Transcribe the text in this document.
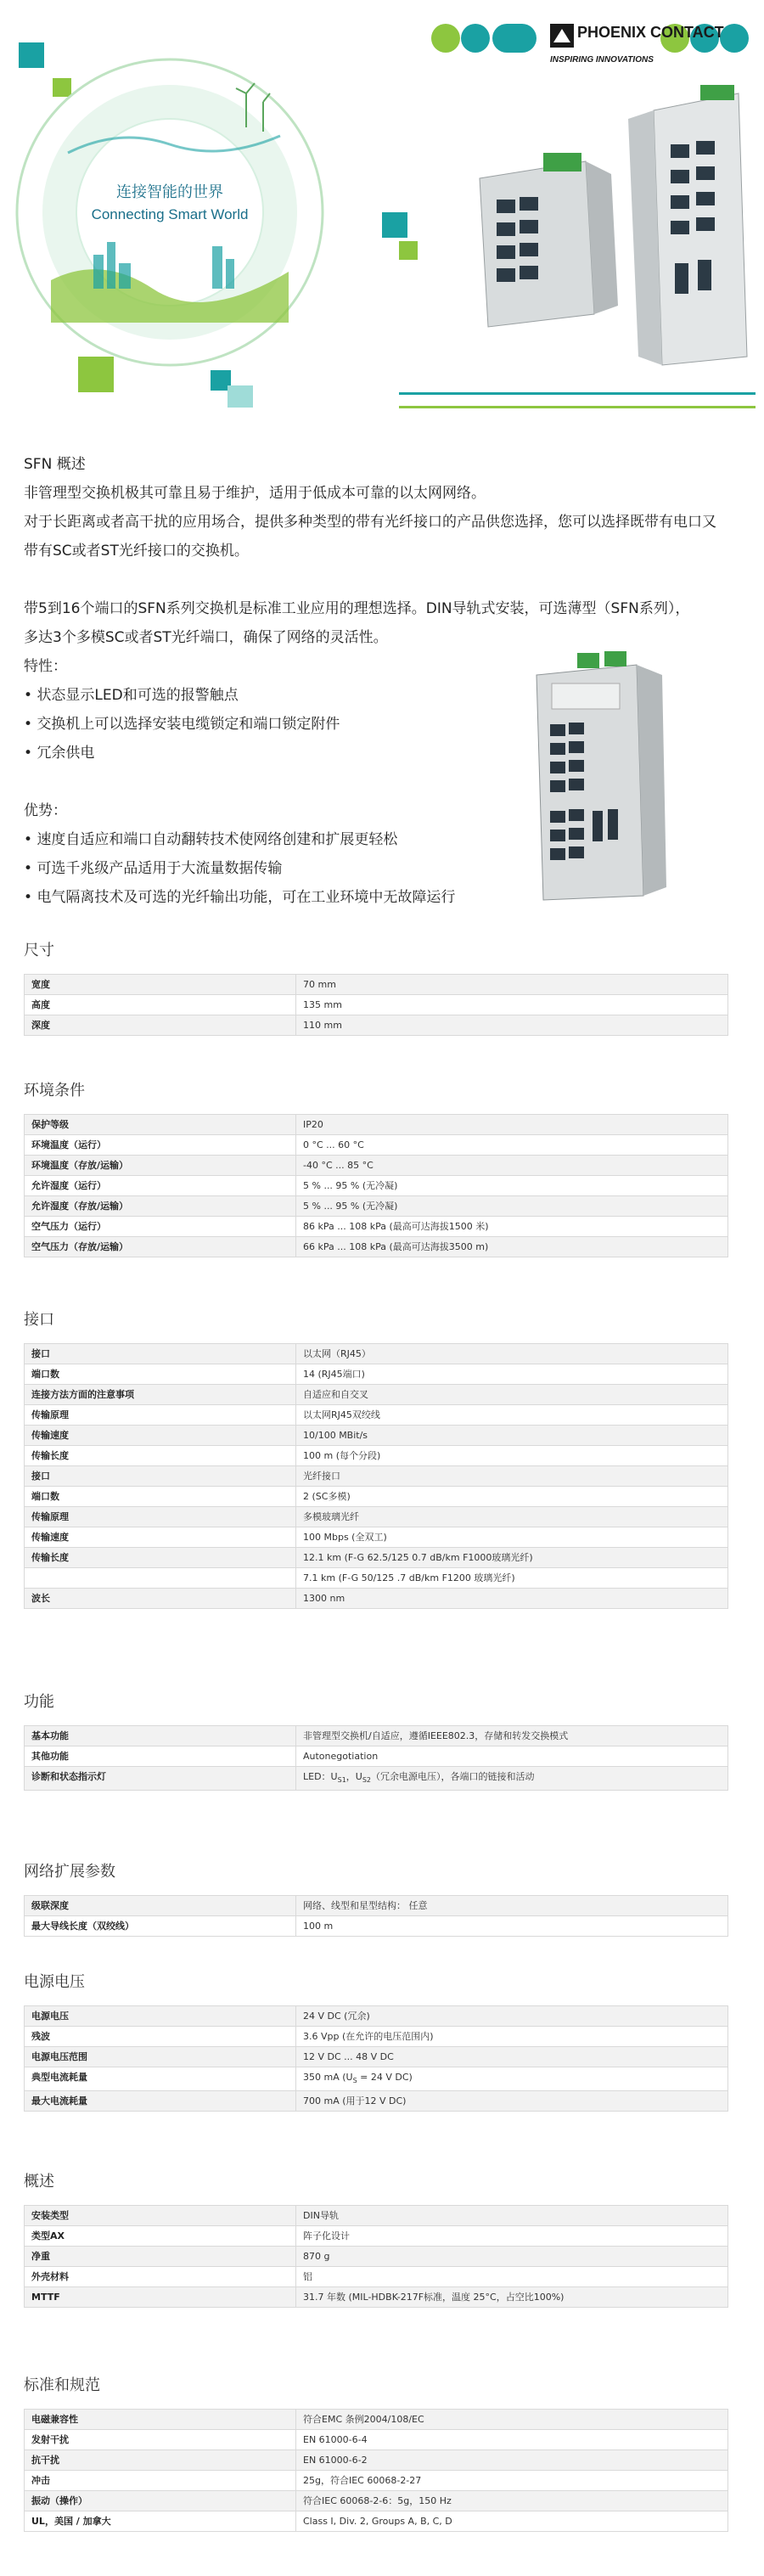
PHOENIX CONTACT
INSPIRING INNOVATIONS
连接智能的世界
Connecting Smart World

SFN 概述

非管理型交换机极其可靠且易于维护，适用于低成本可靠的以太网网络。

对于长距离或者高干扰的应用场合，提供多种类型的带有光纤接口的产品供您选择，您可以选择既带有电口又

带有SC或者ST光纤接口的交换机。

带5到16个端口的SFN系列交换机是标准工业应用的理想选择。DIN导轨式安装，可选薄型（SFN系列），

多达3个多模SC或者ST光纤端口，确保了网络的灵活性。

特性：

• 状态显示LED和可选的报警触点

• 交换机上可以选择安装电缆锁定和端口锁定附件

• 冗余供电

优势：

• 速度自适应和端口自动翻转技术使网络创建和扩展更轻松

• 可选千兆级产品适用于大流量数据传输

• 电气隔离技术及可选的光纤输出功能，可在工业环境中无故障运行

尺寸
宽度	70 mm
高度	135 mm
深度	110 mm
环境条件
保护等级	IP20
环境温度（运行）	0 °C ... 60 °C
环境温度（存放/运输）	-40 °C ... 85 °C
允许湿度（运行）	5 % ... 95 % (无冷凝)
允许湿度（存放/运输）	5 % ... 95 % (无冷凝)
空气压力（运行）	86 kPa ... 108 kPa (最高可达海拔1500 米)
空气压力（存放/运输）	66 kPa ... 108 kPa (最高可达海拔3500 m)
接口
接口	以太网（RJ45）
端口数	14 (RJ45端口)
连接方法方面的注意事项	自适应和自交叉
传输原理	以太网RJ45双绞线
传输速度	10/100 MBit/s
传输长度	100 m (每个分段)
接口	光纤接口
端口数	2 (SC多模)
传输原理	多模玻璃光纤
传输速度	100 Mbps (全双工)
传输长度	12.1 km (F-G 62.5/125 0.7 dB/km F1000玻璃光纤)
	7.1 km (F-G 50/125 .7 dB/km F1200 玻璃光纤)
波长	1300 nm
功能
基本功能	非管理型交换机/自适应，遵循IEEE802.3，存储和转发交换模式
其他功能	Autonegotiation
诊断和状态指示灯	LED：$U_{S1}$，$U_{S2}$（冗余电源电压），各端口的链接和活动
网络扩展参数
级联深度	网络、线型和星型结构： 任意
最大导线长度（双绞线）	100 m
电源电压
电源电压	24 V DC (冗余)
残波	3.6 Vpp (在允许的电压范围内)
电源电压范围	12 V DC ... 48 V DC
典型电流耗量	350 mA ($U_S = 24$ V DC)
最大电流耗量	700 mA (用于12 V DC)
概述
安装类型	DIN导轨
类型AX	阵子化设计
净重	870 g
外壳材料	铝
MTTF	31.7 年数 (MIL-HDBK-217F标准，温度 25°C，占空比100%)
标准和规范
电磁兼容性	符合EMC 条例2004/108/EC
发射干扰	EN 61000-6-4
抗干扰	EN 61000-6-2
冲击	25g，符合IEC 60068-2-27
振动（操作）	符合IEC 60068-2-6：5g，150 Hz
UL，美国 / 加拿大	Class I, Div. 2, Groups A, B, C, D
